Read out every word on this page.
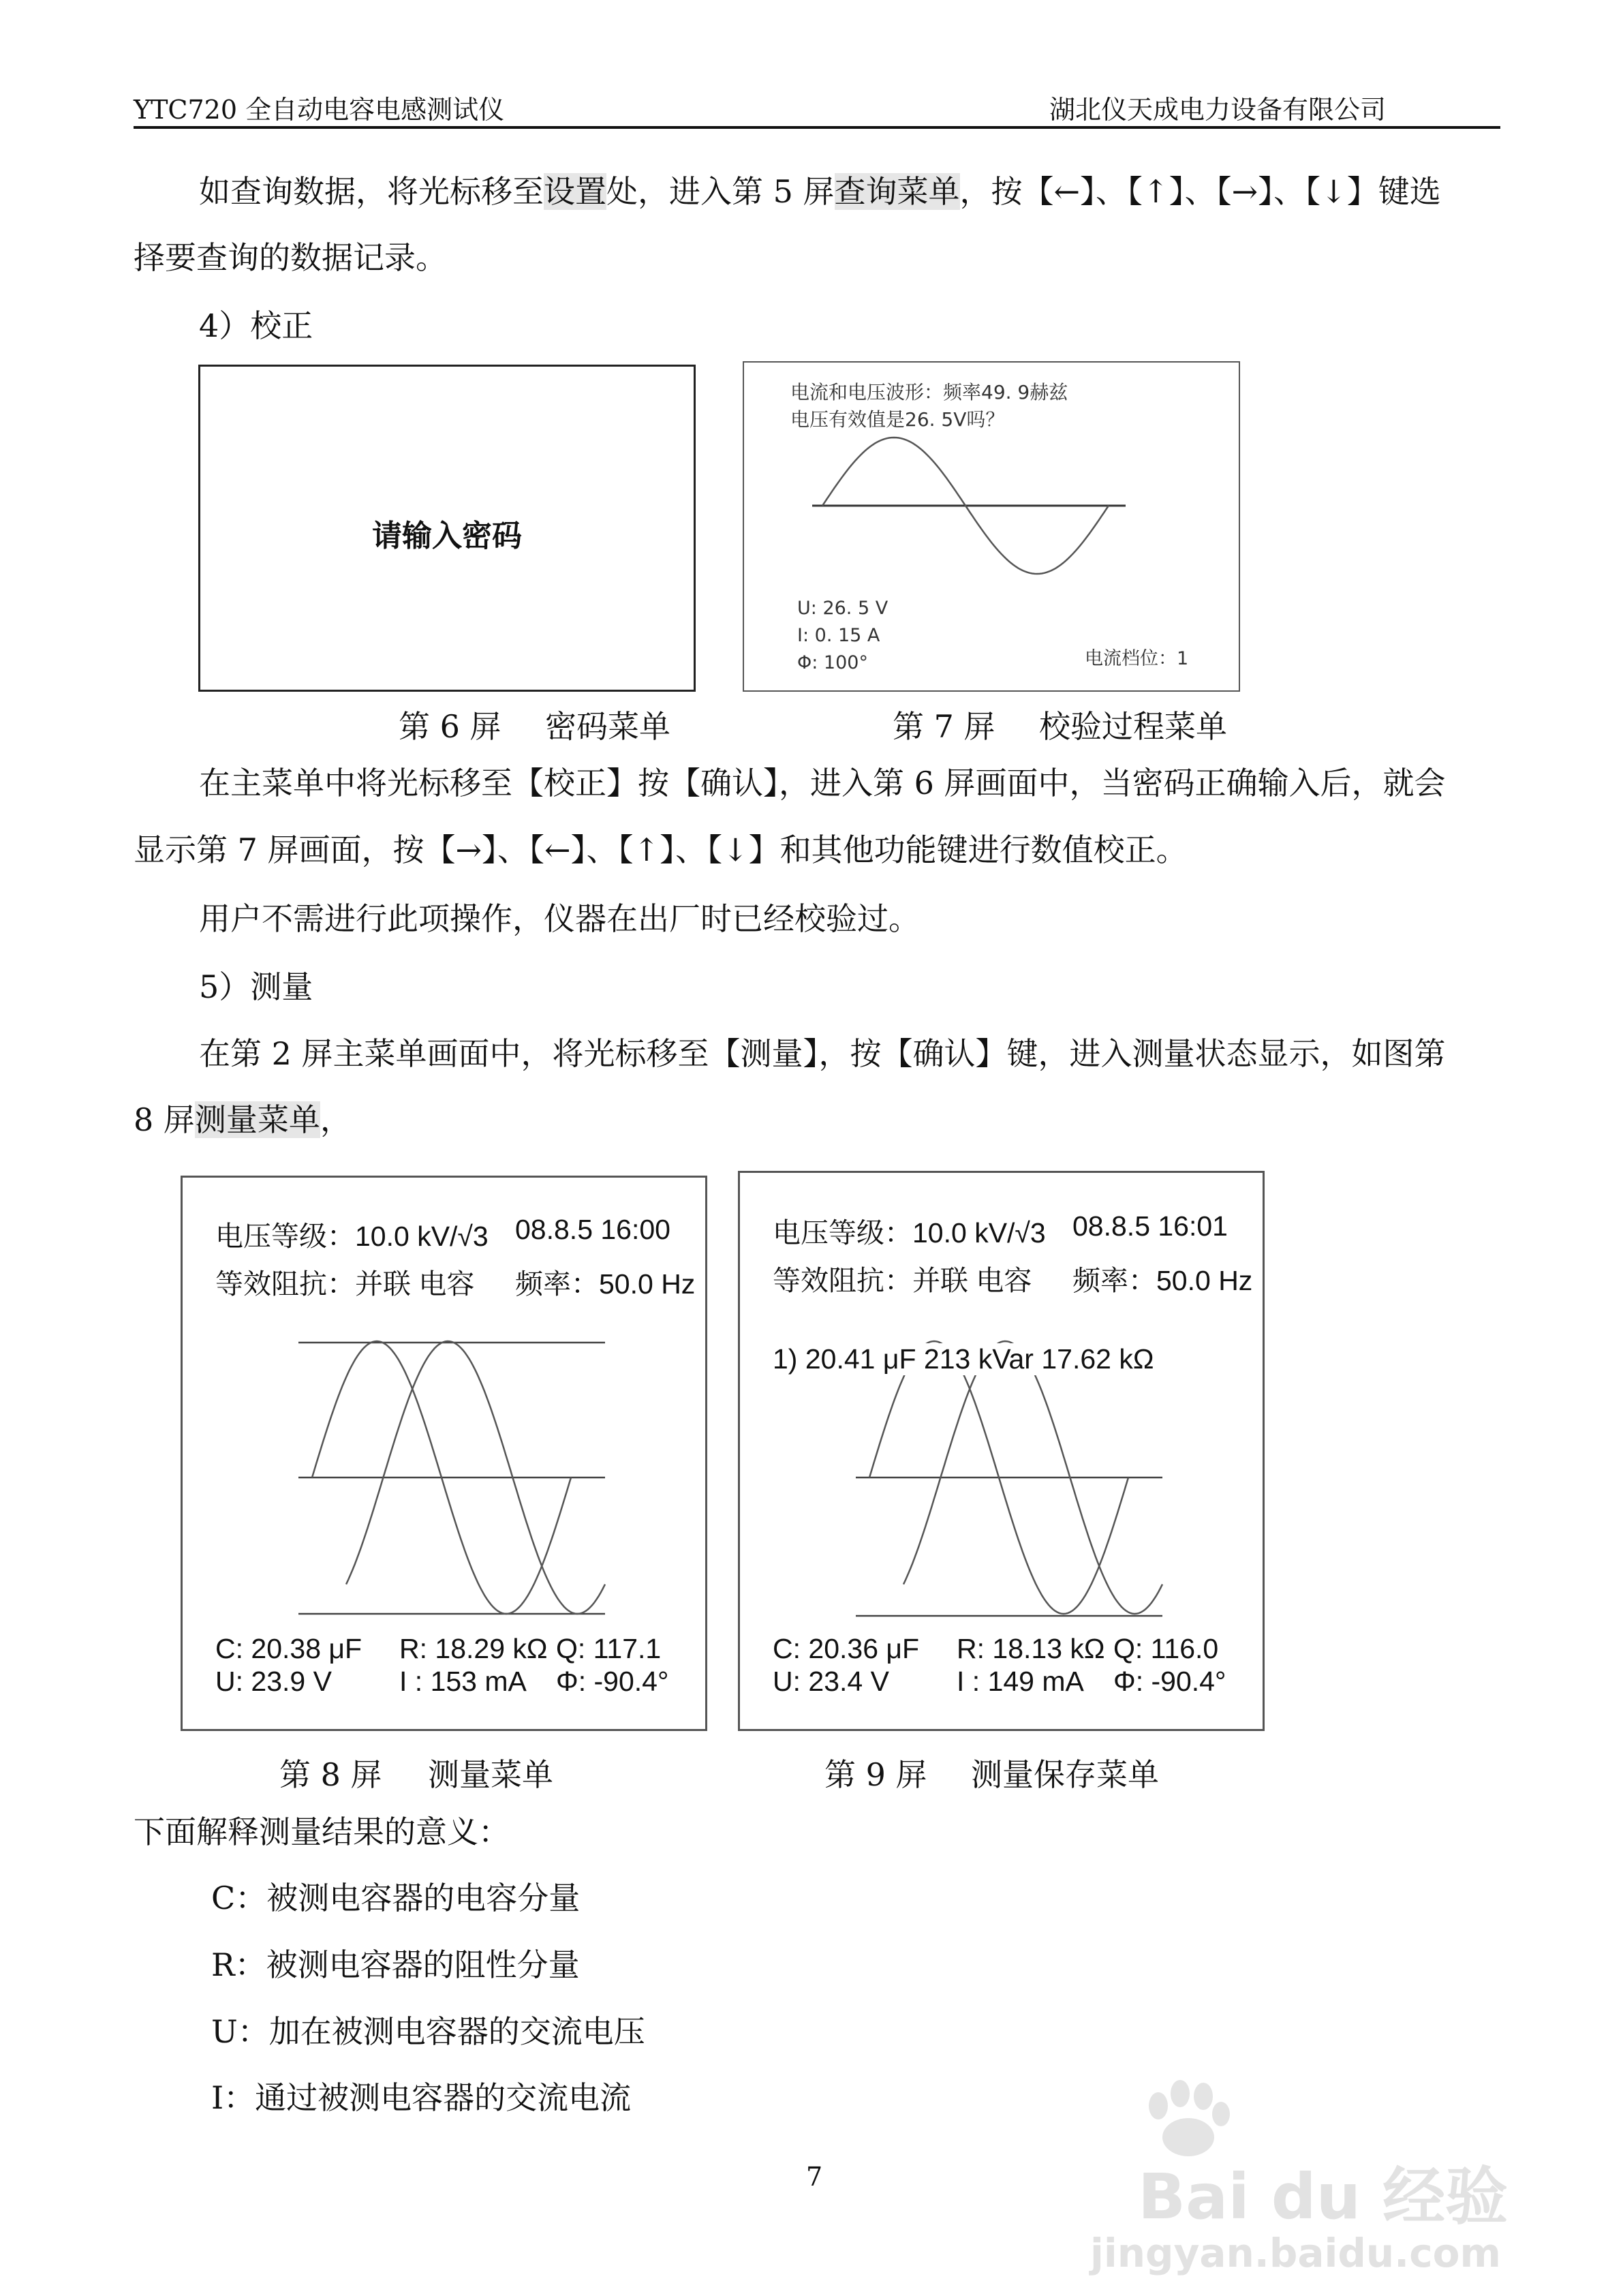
YTC720 全自动电容电感测试仪	湖北仪天成电力设备有限公司
如查询数据，将光标移至设置处，进入第 5 屏查询菜单，按【←】、【↑】、【→】、【↓】键选
择要查询的数据记录。
4）校正
请输入密码
第 6 屏 密码菜单
电流和电压波形：频率49. 9赫兹
电压有效值是26. 5V吗？
U: 26. 5 V
I: 0. 15 A
Φ: 100°	电流档位：1
第 7 屏 校验过程菜单
在主菜单中将光标移至【校正】按【确认】，进入第 6 屏画面中，当密码正确输入后，就会
显示第 7 屏画面，按【→】、【←】、【↑】、【↓】和其他功能键进行数值校正。
用户不需进行此项操作，仪器在出厂时已经校验过。
5）测量
在第 2 屏主菜单画面中，将光标移至【测量】，按【确认】键，进入测量状态显示，如图第
8 屏测量菜单，
电压等级：10.0 kV/√3 08.8.5 16:00
等效阻抗：并联 电容 频率：50.0 Hz
C: 20.38 μF R: 18.29 kΩ Q: 117.1
U: 23.9 V I : 153 mA Φ: -90.4°
第 8 屏 测量菜单
电压等级：10.0 kV/√3 08.8.5 16:01
等效阻抗：并联 电容 频率：50.0 Hz
1) 20.41 μF 213 kVar 17.62 kΩ
C: 20.36 μF R: 18.13 kΩ Q: 116.0
U: 23.4 V I : 149 mA Φ: -90.4°
第 9 屏 测量保存菜单
下面解释测量结果的意义：
C：被测电容器的电容分量
R：被测电容器的阻性分量
U：加在被测电容器的交流电压
I：通过被测电容器的交流电流
7	Bai du 经验
jingyan.baidu.com
